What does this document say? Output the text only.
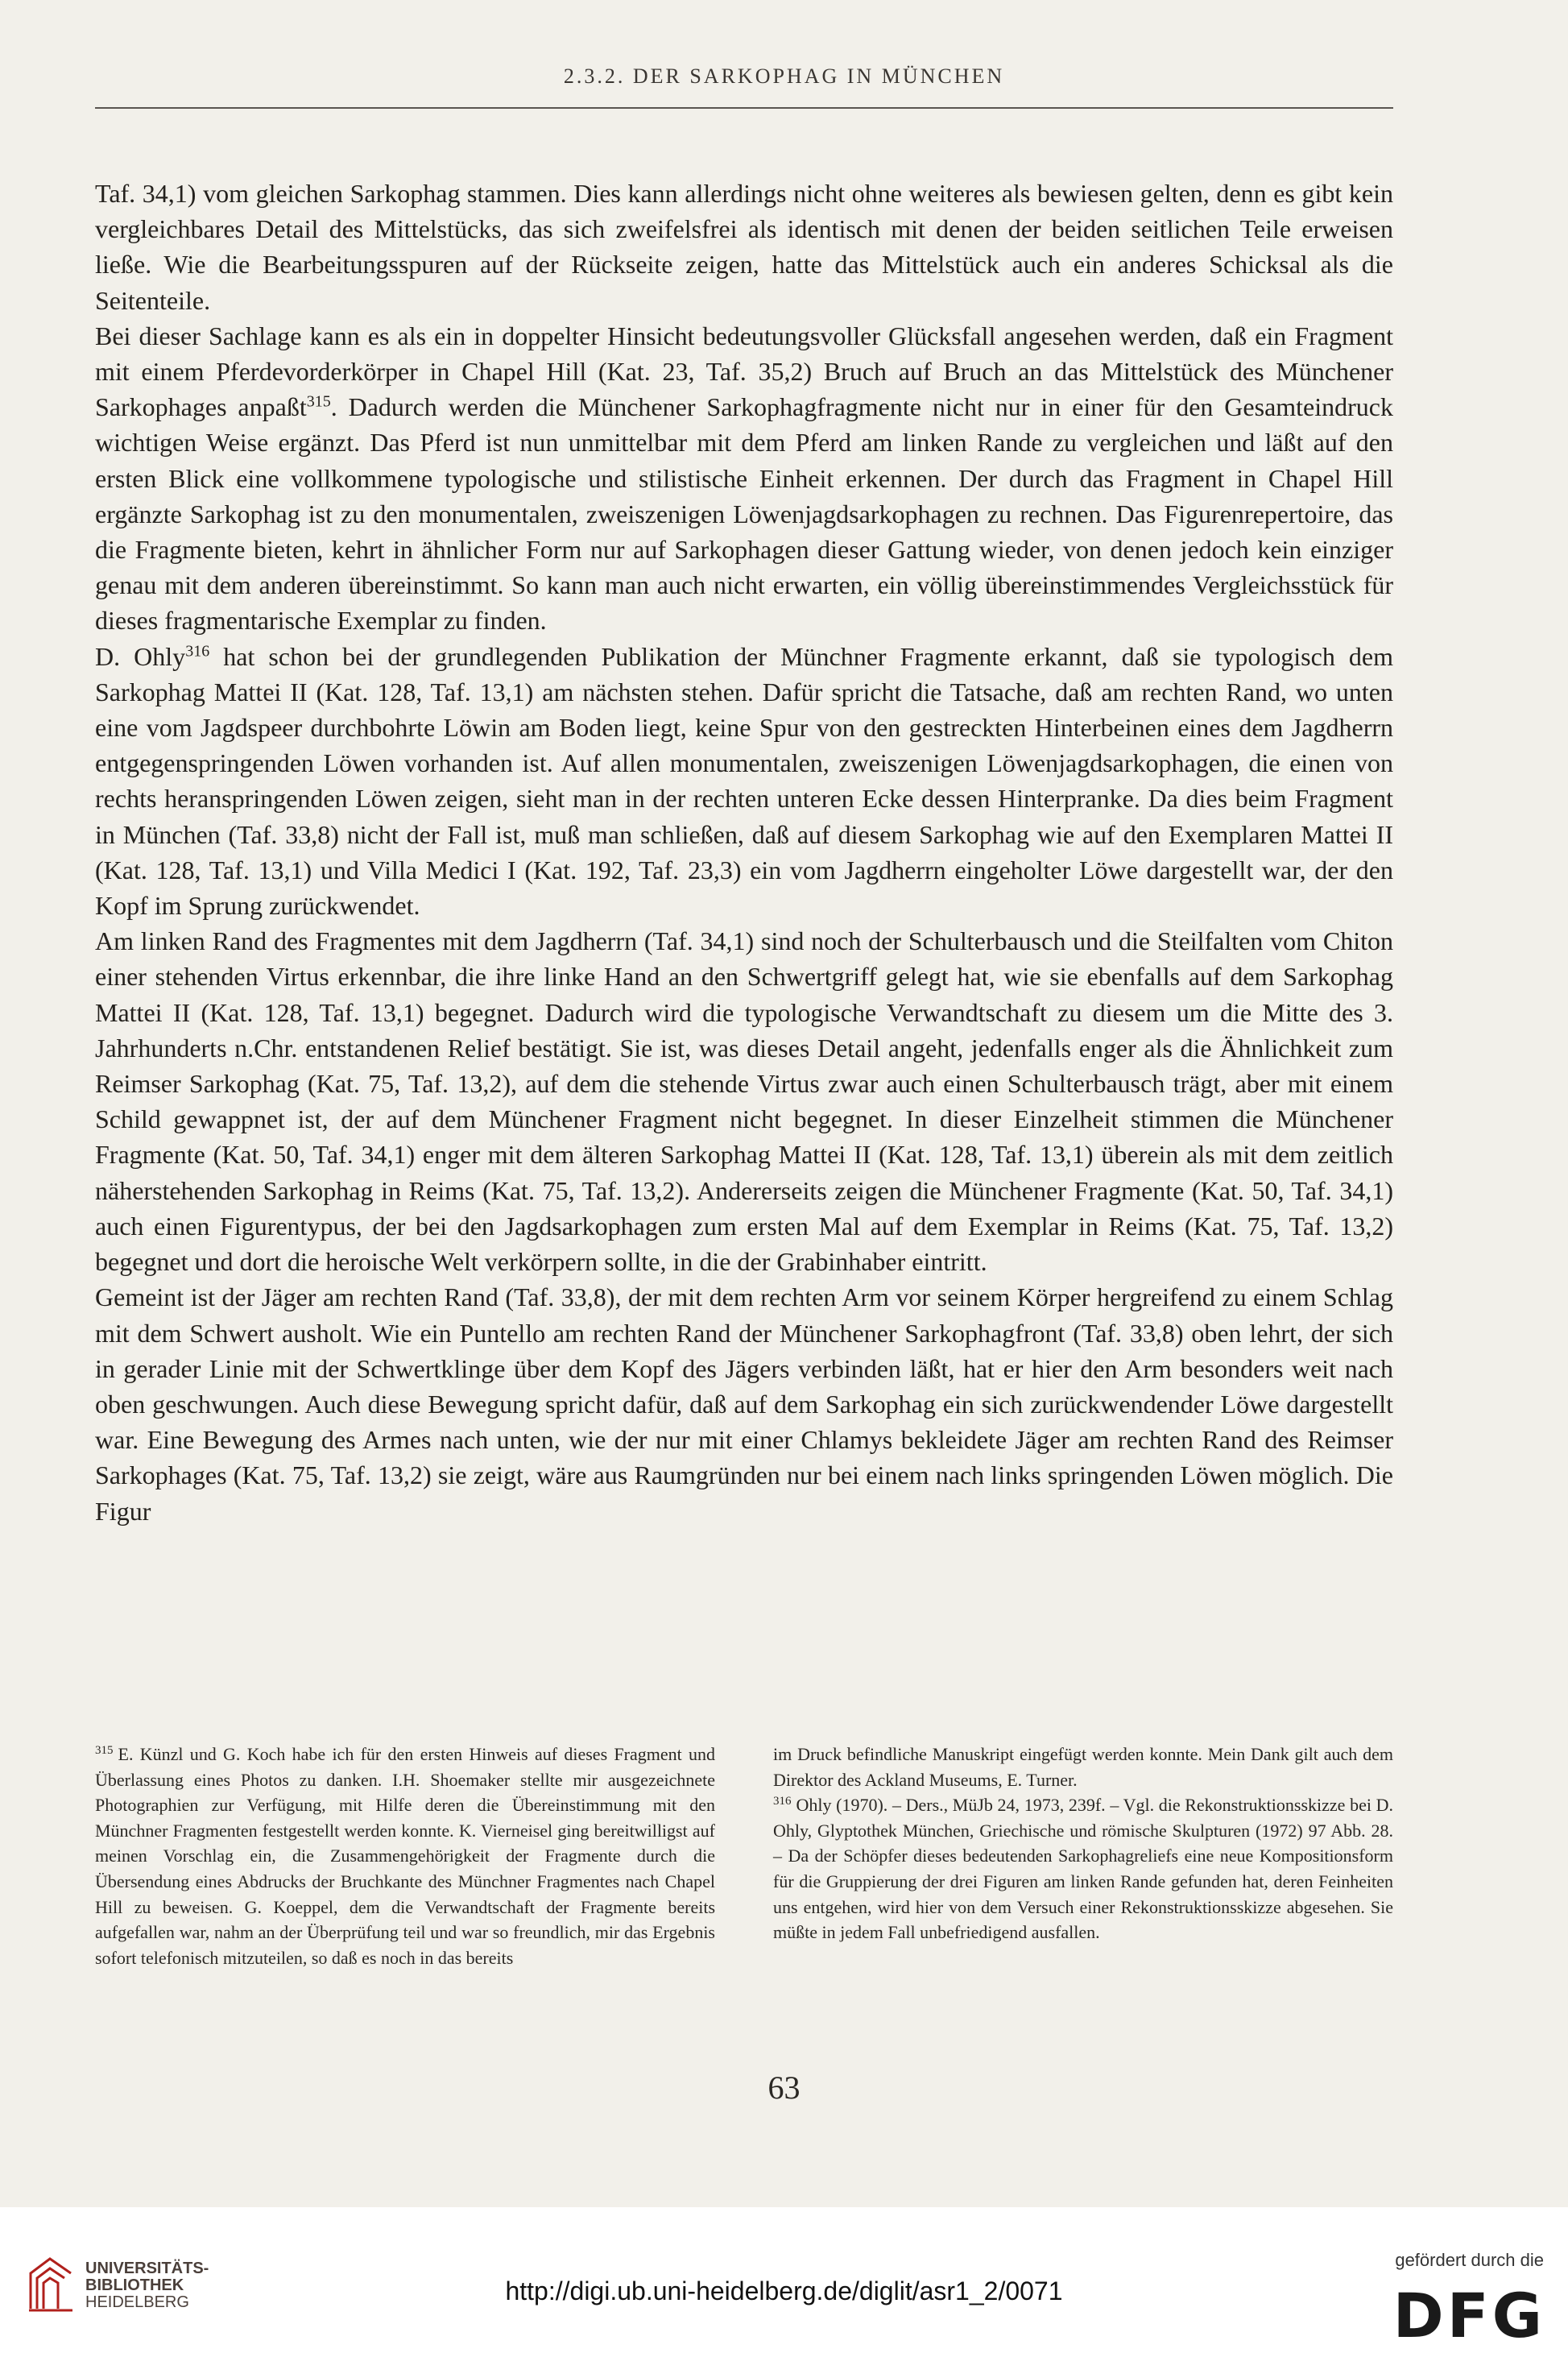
2.3.2. DER SARKOPHAG IN MÜNCHEN

Taf. 34,1) vom gleichen Sarkophag stammen. Dies kann allerdings nicht ohne weiteres als bewiesen gelten, denn es gibt kein vergleichbares Detail des Mittelstücks, das sich zweifelsfrei als identisch mit denen der beiden seitlichen Teile erweisen ließe. Wie die Bearbeitungsspuren auf der Rückseite zeigen, hatte das Mittelstück auch ein anderes Schicksal als die Seitenteile.

Bei dieser Sachlage kann es als ein in doppelter Hinsicht bedeutungsvoller Glücksfall angesehen werden, daß ein Fragment mit einem Pferdevorderkörper in Chapel Hill (Kat. 23, Taf. 35,2) Bruch auf Bruch an das Mittelstück des Münchener Sarkophages anpaßt$^{315}$. Dadurch werden die Münchener Sarkophagfragmente nicht nur in einer für den Gesamteindruck wichtigen Weise ergänzt. Das Pferd ist nun unmittelbar mit dem Pferd am linken Rande zu vergleichen und läßt auf den ersten Blick eine vollkommene typologische und stilistische Einheit erkennen. Der durch das Fragment in Chapel Hill ergänzte Sarkophag ist zu den monumentalen, zweiszenigen Löwenjagdsarkophagen zu rechnen. Das Figurenrepertoire, das die Fragmente bieten, kehrt in ähnlicher Form nur auf Sarkophagen dieser Gattung wieder, von denen jedoch kein einziger genau mit dem anderen übereinstimmt. So kann man auch nicht erwarten, ein völlig übereinstimmendes Vergleichsstück für dieses fragmentarische Exemplar zu finden.

D. Ohly$^{316}$ hat schon bei der grundlegenden Publikation der Münchner Fragmente erkannt, daß sie typologisch dem Sarkophag Mattei II (Kat. 128, Taf. 13,1) am nächsten stehen. Dafür spricht die Tatsache, daß am rechten Rand, wo unten eine vom Jagdspeer durchbohrte Löwin am Boden liegt, keine Spur von den gestreckten Hinterbeinen eines dem Jagdherrn entgegenspringenden Löwen vorhanden ist. Auf allen monumentalen, zweiszenigen Löwenjagdsarkophagen, die einen von rechts heranspringenden Löwen zeigen, sieht man in der rechten unteren Ecke dessen Hinterpranke. Da dies beim Fragment in München (Taf. 33,8) nicht der Fall ist, muß man schließen, daß auf diesem Sarkophag wie auf den Exemplaren Mattei II (Kat. 128, Taf. 13,1) und Villa Medici I (Kat. 192, Taf. 23,3) ein vom Jagdherrn eingeholter Löwe dargestellt war, der den Kopf im Sprung zurückwendet.

Am linken Rand des Fragmentes mit dem Jagdherrn (Taf. 34,1) sind noch der Schulterbausch und die Steilfalten vom Chiton einer stehenden Virtus erkennbar, die ihre linke Hand an den Schwertgriff gelegt hat, wie sie ebenfalls auf dem Sarkophag Mattei II (Kat. 128, Taf. 13,1) begegnet. Dadurch wird die typologische Verwandtschaft zu diesem um die Mitte des 3. Jahrhunderts n.Chr. entstandenen Relief bestätigt. Sie ist, was dieses Detail angeht, jedenfalls enger als die Ähnlichkeit zum Reimser Sarkophag (Kat. 75, Taf. 13,2), auf dem die stehende Virtus zwar auch einen Schulterbausch trägt, aber mit einem Schild gewappnet ist, der auf dem Münchener Fragment nicht begegnet. In dieser Einzelheit stimmen die Münchener Fragmente (Kat. 50, Taf. 34,1) enger mit dem älteren Sarkophag Mattei II (Kat. 128, Taf. 13,1) überein als mit dem zeitlich näherstehenden Sarkophag in Reims (Kat. 75, Taf. 13,2). Andererseits zeigen die Münchener Fragmente (Kat. 50, Taf. 34,1) auch einen Figurentypus, der bei den Jagdsarkophagen zum ersten Mal auf dem Exemplar in Reims (Kat. 75, Taf. 13,2) begegnet und dort die heroische Welt verkörpern sollte, in die der Grabinhaber eintritt.

Gemeint ist der Jäger am rechten Rand (Taf. 33,8), der mit dem rechten Arm vor seinem Körper hergreifend zu einem Schlag mit dem Schwert ausholt. Wie ein Puntello am rechten Rand der Münchener Sarkophagfront (Taf. 33,8) oben lehrt, der sich in gerader Linie mit der Schwertklinge über dem Kopf des Jägers verbinden läßt, hat er hier den Arm besonders weit nach oben geschwungen. Auch diese Bewegung spricht dafür, daß auf dem Sarkophag ein sich zurückwendender Löwe dargestellt war. Eine Bewegung des Armes nach unten, wie der nur mit einer Chlamys bekleidete Jäger am rechten Rand des Reimser Sarkophages (Kat. 75, Taf. 13,2) sie zeigt, wäre aus Raumgründen nur bei einem nach links springenden Löwen möglich. Die Figur

$^{315}$ E. Künzl und G. Koch habe ich für den ersten Hinweis auf dieses Fragment und Überlassung eines Photos zu danken. I.H. Shoemaker stellte mir ausgezeichnete Photographien zur Verfügung, mit Hilfe deren die Übereinstimmung mit den Münchner Fragmenten festgestellt werden konnte. K. Vierneisel ging bereitwilligst auf meinen Vorschlag ein, die Zusammengehörigkeit der Fragmente durch die Übersendung eines Abdrucks der Bruchkante des Münchner Fragmentes nach Chapel Hill zu beweisen. G. Koeppel, dem die Verwandtschaft der Fragmente bereits aufgefallen war, nahm an der Überprüfung teil und war so freundlich, mir das Ergebnis sofort telefonisch mitzuteilen, so daß es noch in das bereits

im Druck befindliche Manuskript eingefügt werden konnte. Mein Dank gilt auch dem Direktor des Ackland Museums, E. Turner.

$^{316}$ Ohly (1970). – Ders., MüJb 24, 1973, 239f. – Vgl. die Rekonstruktionsskizze bei D. Ohly, Glyptothek München, Griechische und römische Skulpturen (1972) 97 Abb. 28. – Da der Schöpfer dieses bedeutenden Sarkophagreliefs eine neue Kompositionsform für die Gruppierung der drei Figuren am linken Rande gefunden hat, deren Feinheiten uns entgehen, wird hier von dem Versuch einer Rekonstruktionsskizze abgesehen. Sie müßte in jedem Fall unbefriedigend ausfallen.

63
UNIVERSITÄTS-
BIBLIOTHEK
HEIDELBERG	http://digi.ub.uni-heidelberg.de/diglit/asr1_2/0071
gefördert durch die
DFG
